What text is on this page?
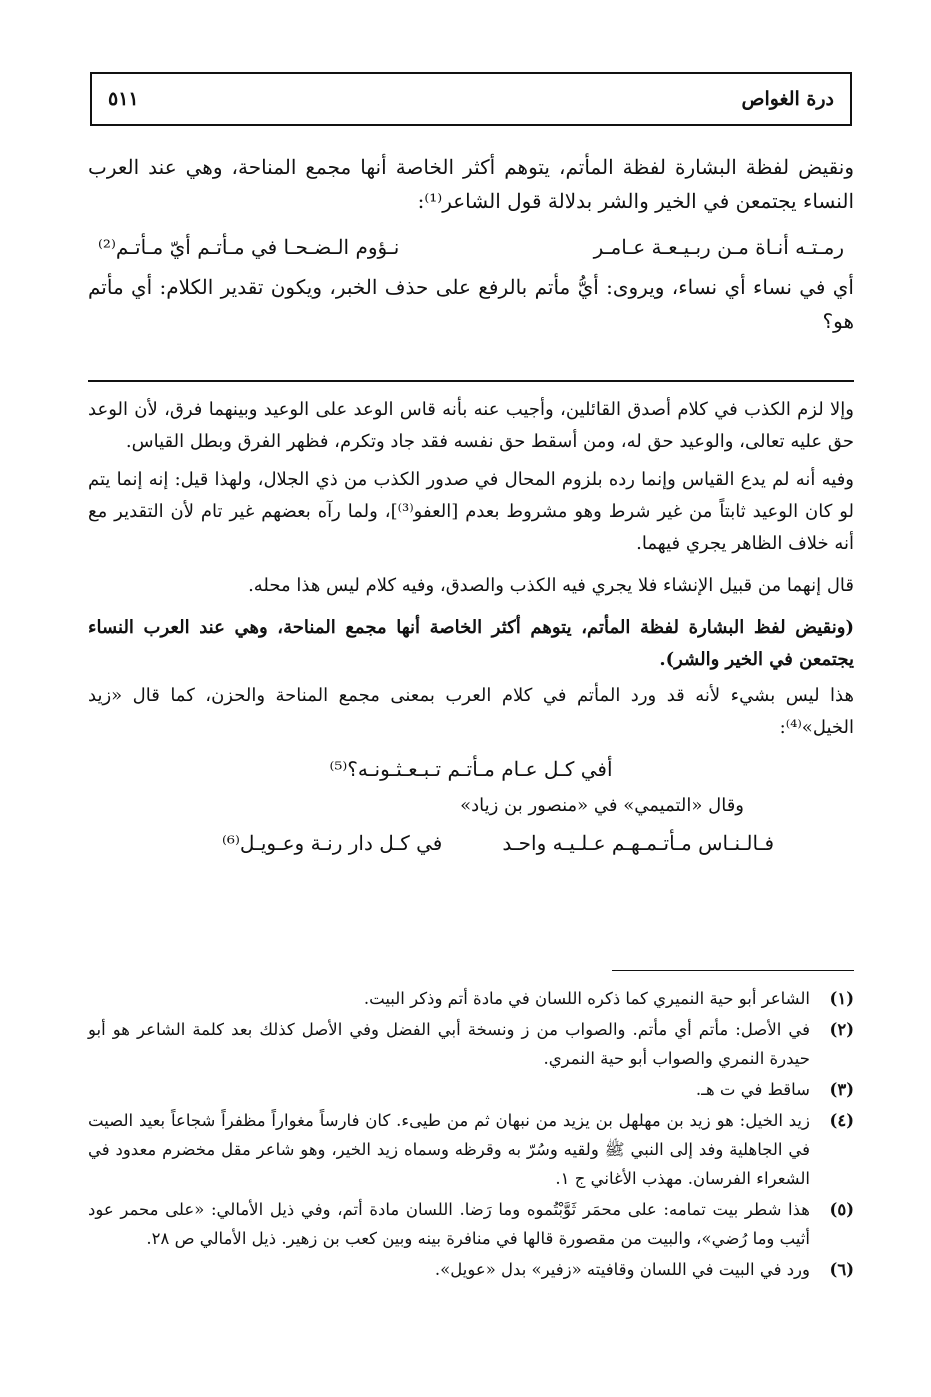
درة الغواص
٥١١

ونقيض لفظة البشارة لفظة المأتم، يتوهم أكثر الخاصة أنها مجمع المناحة، وهي عند العرب النساء يجتمعن في الخير والشر بدلالة قول الشاعر⁽¹⁾:

رمـتـه أنـاة مـن ربـيـعـة عـامـر
نـؤوم الـضـحـا في مـأتـم أيّ مـأتـم⁽²⁾

أي في نساء أي نساء، ويروى: أيُّ مأتم بالرفع على حذف الخبر، ويكون تقدير الكلام: أي مأتم هو؟

وإلا لزم الكذب في كلام أصدق القائلين، وأجيب عنه بأنه قاس الوعد على الوعيد وبينهما فرق، لأن الوعد حق عليه تعالى، والوعيد حق له، ومن أسقط حق نفسه فقد جاد وتكرم، فظهر الفرق وبطل القياس.

وفيه أنه لم يدع القياس وإنما رده بلزوم المحال في صدور الكذب من ذي الجلال، ولهذا قيل: إنه إنما يتم لو كان الوعيد ثابتاً من غير شرط وهو مشروط بعدم [العفو⁽³⁾]، ولما رآه بعضهم غير تام لأن التقدير مع أنه خلاف الظاهر يجري فيهما.

قال إنهما من قبيل الإنشاء فلا يجري فيه الكذب والصدق، وفيه كلام ليس هذا محله.

(ونقيض لفظ البشارة لفظة المأتم، يتوهم أكثر الخاصة أنها مجمع المناحة، وهي عند العرب النساء يجتمعن في الخير والشر).

هذا ليس بشيء لأنه قد ورد المأتم في كلام العرب بمعنى مجمع المناحة والحزن، كما قال «زيد الخيل»⁽⁴⁾:

أفي كـل عـام مـأتـم تـبـعـثـونـه؟⁽⁵⁾

وقال «التميمي» في «منصور بن زياد»

فـالـنـاس مـأتـمـهـم عـلـيـه واحـد
في كـل دار رنـة وعـويـل⁽⁶⁾
(١)
الشاعر أبو حية النميري كما ذكره اللسان في مادة أتم وذكر البيت.
(٢)
في الأصل: مأتم أي مأتم. والصواب من ز ونسخة أبي الفضل وفي الأصل كذلك بعد كلمة الشاعر هو أبو حيدرة النمري والصواب أبو حية النمري.
(٣)
ساقط في ت هـ.
(٤)
زيد الخيل: هو زيد بن مهلهل بن يزيد من نبهان ثم من طيىء. كان فارساً مغواراً مظفراً شجاعاً بعيد الصيت في الجاهلية وفد إلى النبي ﷺ ولقيه وسُرّ به وقرظه وسماه زيد الخير، وهو شاعر مقل مخضرم معدود في الشعراء الفرسان. مهذب الأغاني ج ١.
(٥)
هذا شطر بيت تمامه: على محمَر ثَوَّبْتُموه وما رَضا. اللسان مادة أتم، وفي ذيل الأمالي: «على محمر عود أثيب وما رُضي»، والبيت من مقصورة قالها في منافرة بينه وبين كعب بن زهير. ذيل الأمالي ص ٢٨.
(٦)
ورد في البيت في اللسان وقافيته «زفير» بدل «عويل».
